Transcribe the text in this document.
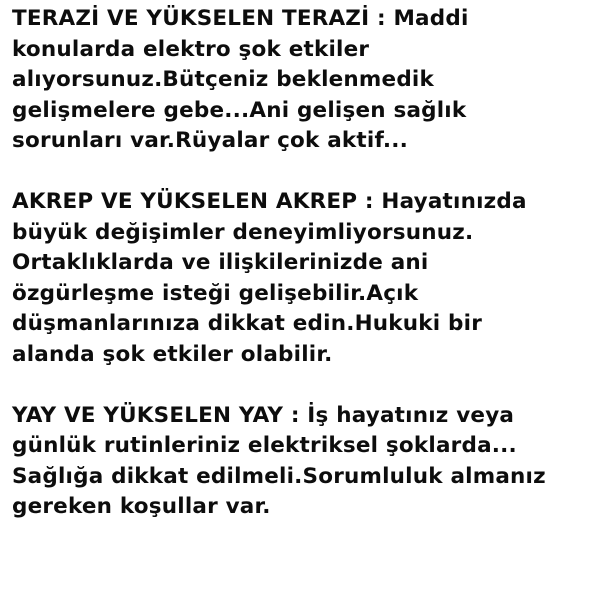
TERAZİ VE YÜKSELEN TERAZİ : Maddi
konularda elektro şok etkiler
alıyorsunuz.Bütçeniz beklenmedik
gelişmelere gebe...Ani gelişen sağlık
sorunları var.Rüyalar çok aktif...

AKREP VE YÜKSELEN AKREP : Hayatınızda
büyük değişimler deneyimliyorsunuz.
Ortaklıklarda ve ilişkilerinizde ani
özgürleşme isteği gelişebilir.Açık
düşmanlarınıza dikkat edin.Hukuki bir
alanda şok etkiler olabilir.

YAY VE YÜKSELEN YAY : İş hayatınız veya
günlük rutinleriniz elektriksel şoklarda...
Sağlığa dikkat edilmeli.Sorumluluk almanız
gereken koşullar var.
